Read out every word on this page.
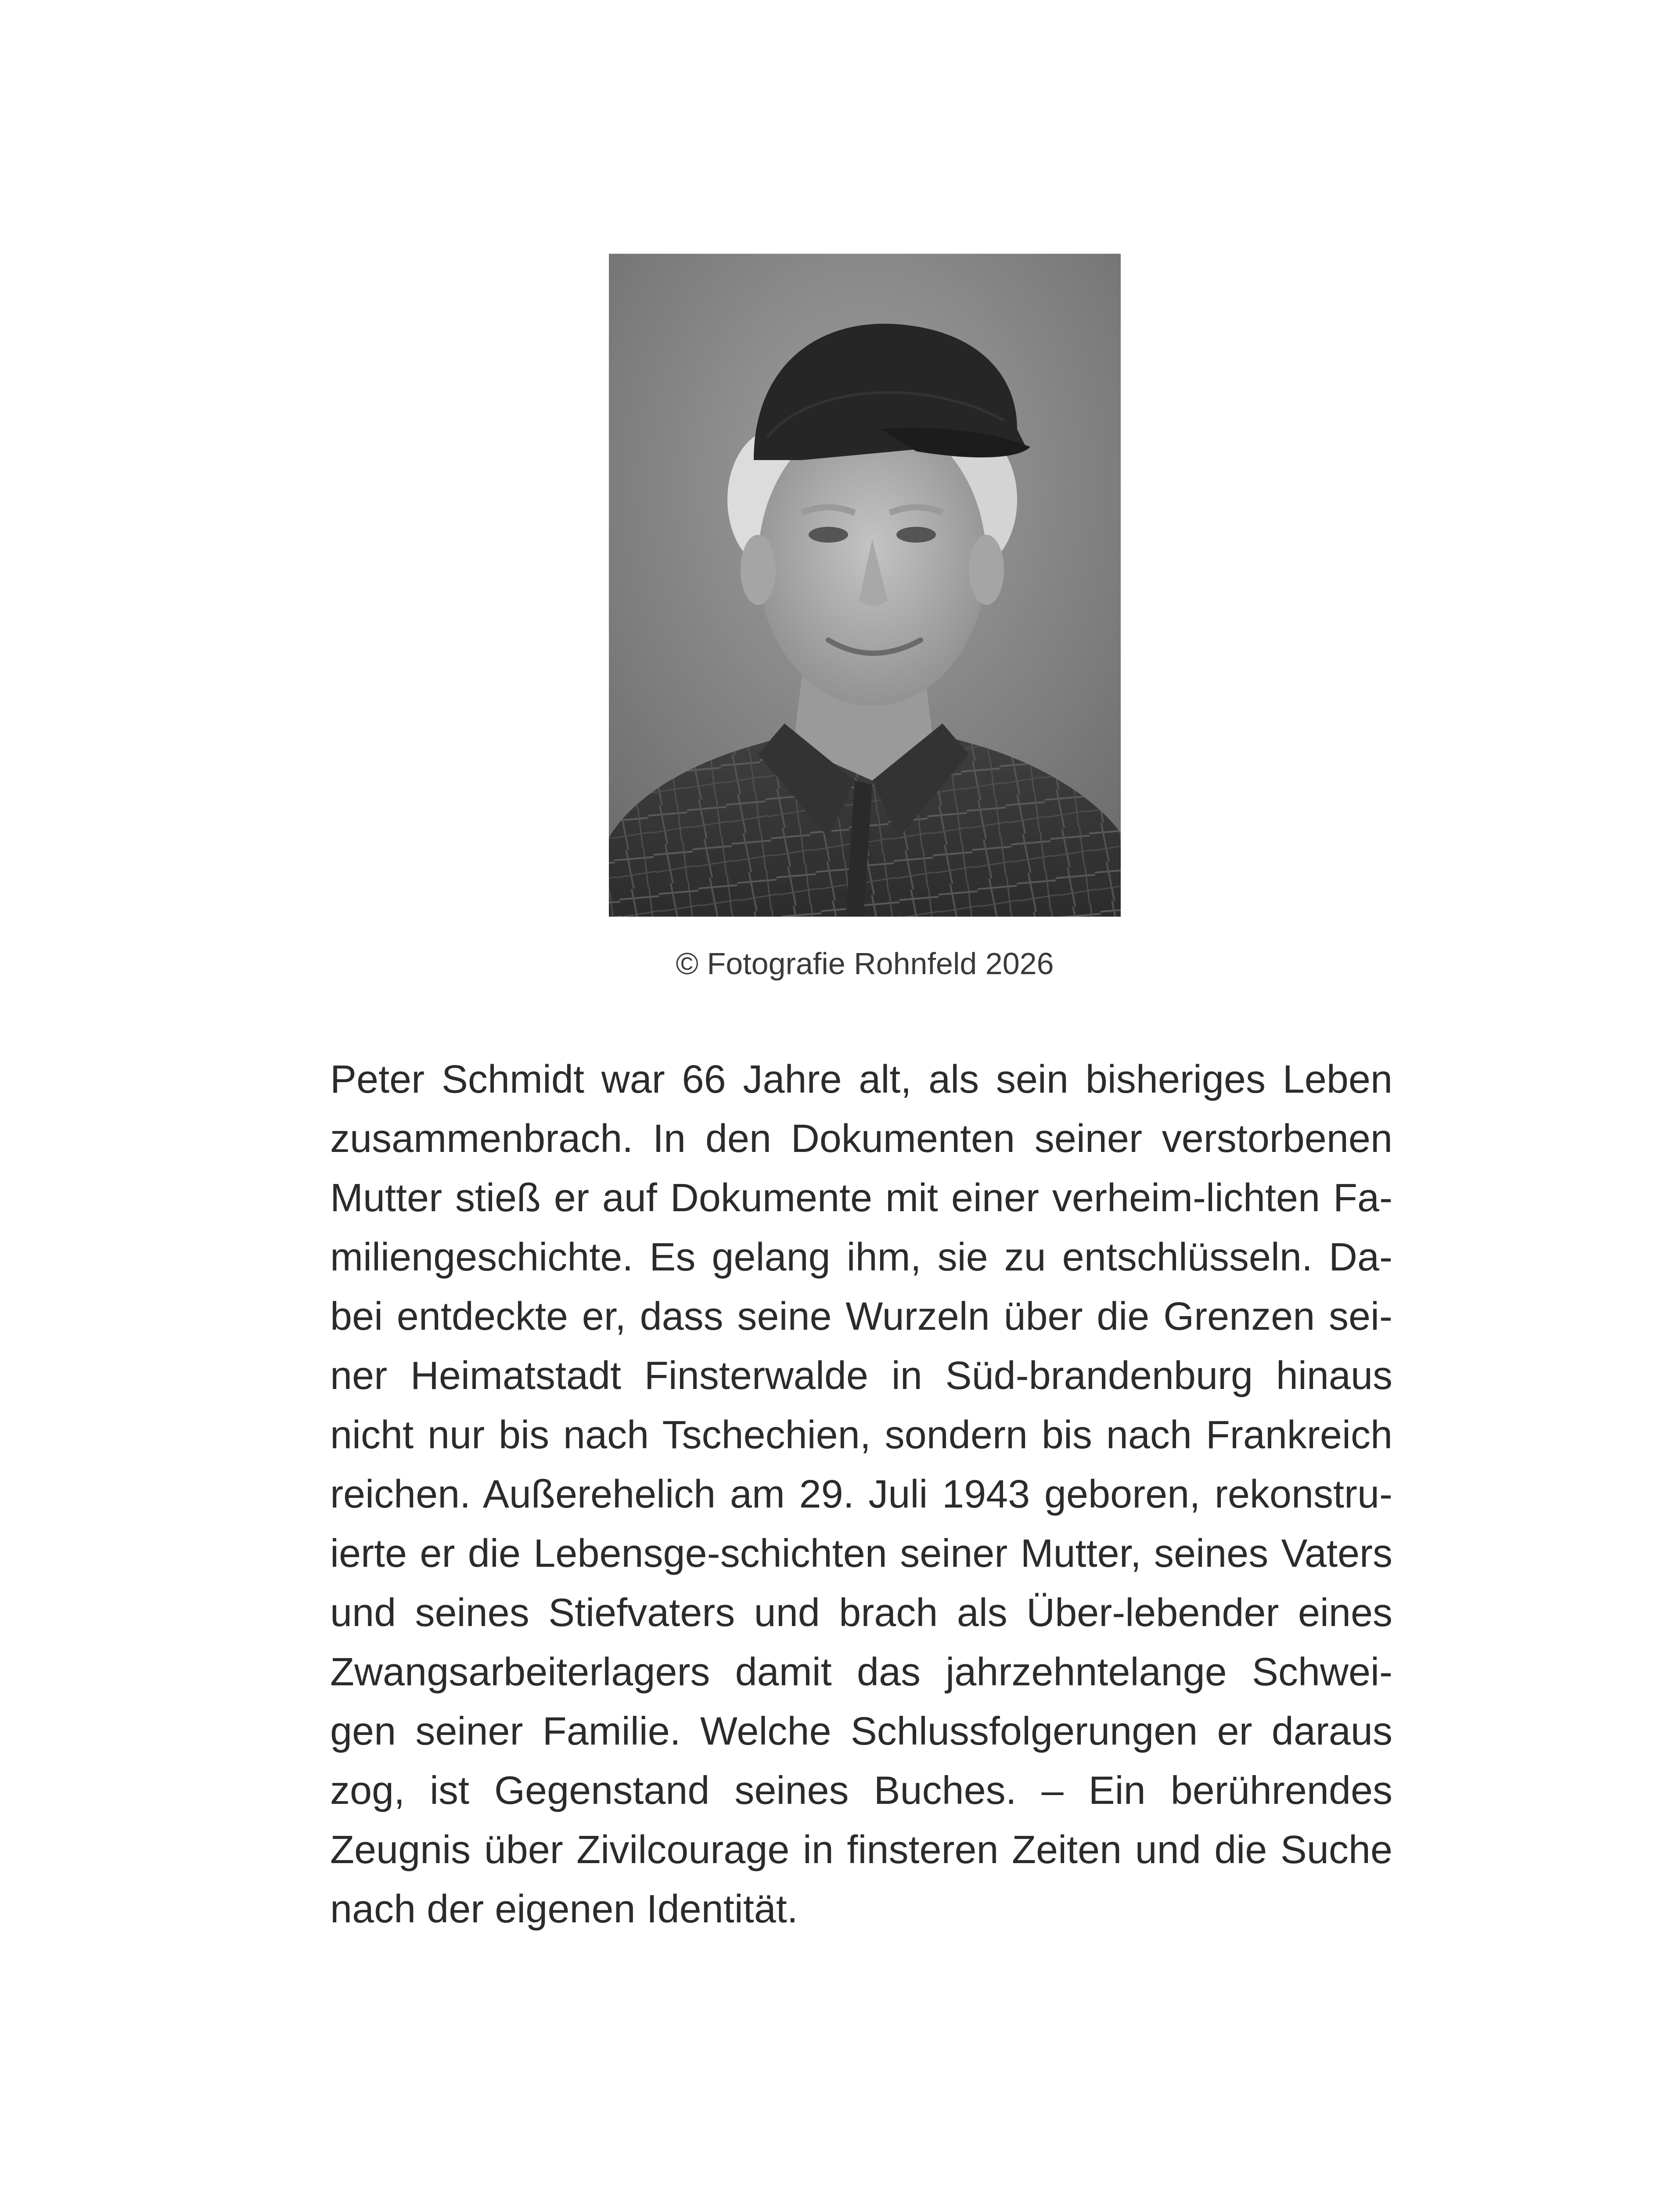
© Fotografie Rohnfeld 2026
Peter Schmidt war 66 Jahre alt, als sein bisheriges Leben
zusammenbrach. In den Dokumenten seiner verstorbenen
Mutter stieß er auf Dokumente mit einer verheim-lichten Fa-
miliengeschichte. Es gelang ihm, sie zu entschlüsseln. Da-
bei entdeckte er, dass seine Wurzeln über die Grenzen sei-
ner Heimatstadt Finsterwalde in Süd-brandenburg hinaus
nicht nur bis nach Tschechien, sondern bis nach Frankreich
reichen. Außerehelich am 29. Juli 1943 geboren, rekonstru-
ierte er die Lebensge-schichten seiner Mutter, seines Vaters
und seines Stiefvaters und brach als Über-lebender eines
Zwangsarbeiterlagers damit das jahrzehntelange Schwei-
gen seiner Familie. Welche Schlussfolgerungen er daraus
zog, ist Gegenstand seines Buches. – Ein berührendes
Zeugnis über Zivilcourage in finsteren Zeiten und die Suche
nach der eigenen Identität.
